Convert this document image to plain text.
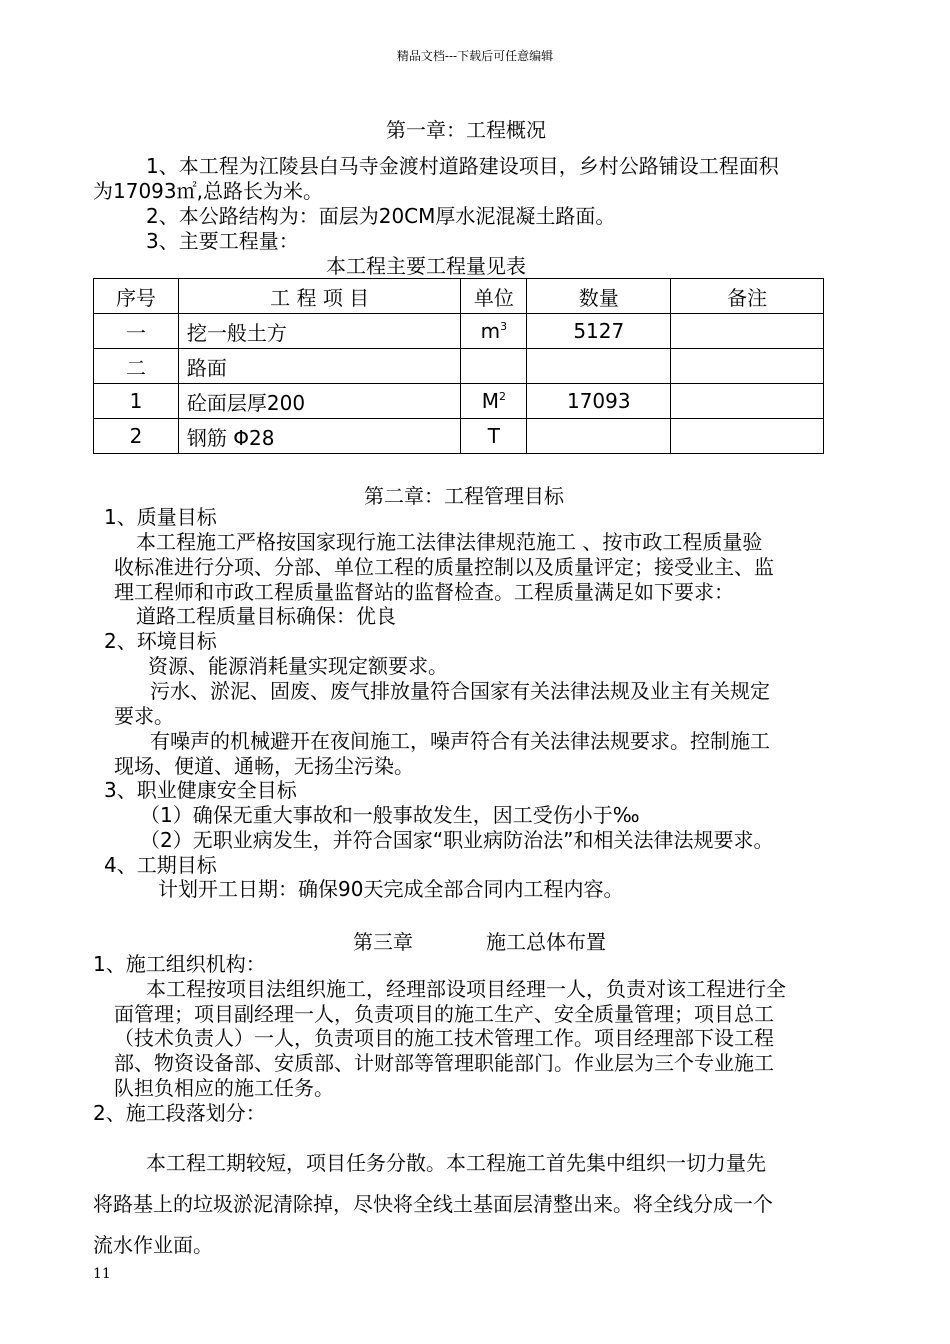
精品文档---下载后可任意编辑
第一章：工程概况
1、本工程为江陵县白马寺金渡村道路建设项目，乡村公路铺设工程面积
为17093㎡,总路长为米。
2、本公路结构为：面层为20CM厚水泥混凝土路面。
3、主要工程量：
本工程主要工程量见表
序号	工 程 项 目	单位	数量	备注
一	挖一般土方	$m^3$	5127	
二	路面			
1	砼面层厚200	$M^2$	17093	
2	钢筋 Φ28	T		
第二章：工程管理目标
1、质量目标
本工程施工严格按国家现行施工法律法律规范施工 、按市政工程质量验
收标准进行分项、分部、单位工程的质量控制以及质量评定；接受业主、监
理工程师和市政工程质量监督站的监督检查。工程质量满足如下要求：
道路工程质量目标确保：优良
2、环境目标
资源、能源消耗量实现定额要求。
污水、淤泥、固废、废气排放量符合国家有关法律法规及业主有关规定
要求。
有噪声的机械避开在夜间施工，噪声符合有关法律法规要求。控制施工
现场、便道、通畅，无扬尘污染。
3、职业健康安全目标
（1）确保无重大事故和一般事故发生，因工受伤小于‰
（2）无职业病发生，并符合国家“职业病防治法”和相关法律法规要求。
4、工期目标
计划开工日期：确保90天完成全部合同内工程内容。
第三章	施工总体布置
1、施工组织机构：
本工程按项目法组织施工，经理部设项目经理一人，负责对该工程进行全
面管理；项目副经理一人，负责项目的施工生产、安全质量管理；项目总工
（技术负责人）一人，负责项目的施工技术管理工作。项目经理部下设工程
部、物资设备部、安质部、计财部等管理职能部门。作业层为三个专业施工
队担负相应的施工任务。
2、施工段落划分：
本工程工期较短，项目任务分散。本工程施工首先集中组织一切力量先
将路基上的垃圾淤泥清除掉，尽快将全线土基面层清整出来。将全线分成一个
流水作业面。
11
